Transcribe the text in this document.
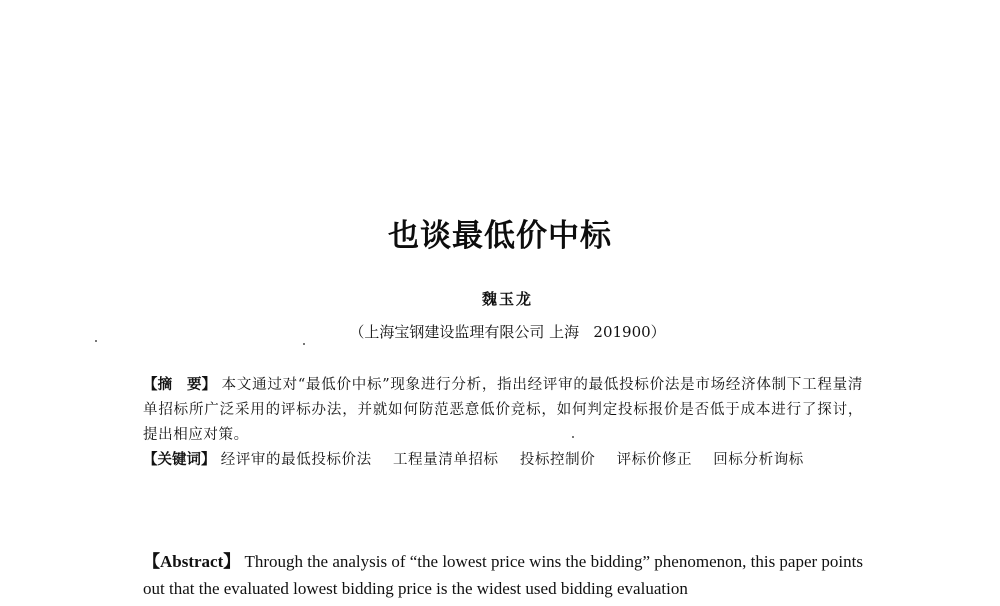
也谈最低价中标
魏玉龙
（上海宝钢建设监理有限公司 上海   201900）

【摘　要】 本文通过对“最低价中标”现象进行分析，指出经评审的最低投标价法是市场经济体制下工程量清单招标所广泛采用的评标办法，并就如何防范恶意低价竞标，如何判定投标报价是否低于成本进行了探讨，提出相应对策。

【关键词】 经评审的最低投标价法 工程量清单招标 投标控制价 评标价修正 回标分析询标

【Abstract】 Through the analysis of “the lowest price wins the bidding” phenomenon, this paper points out that the evaluated lowest bidding price is the widest used bidding evaluation
